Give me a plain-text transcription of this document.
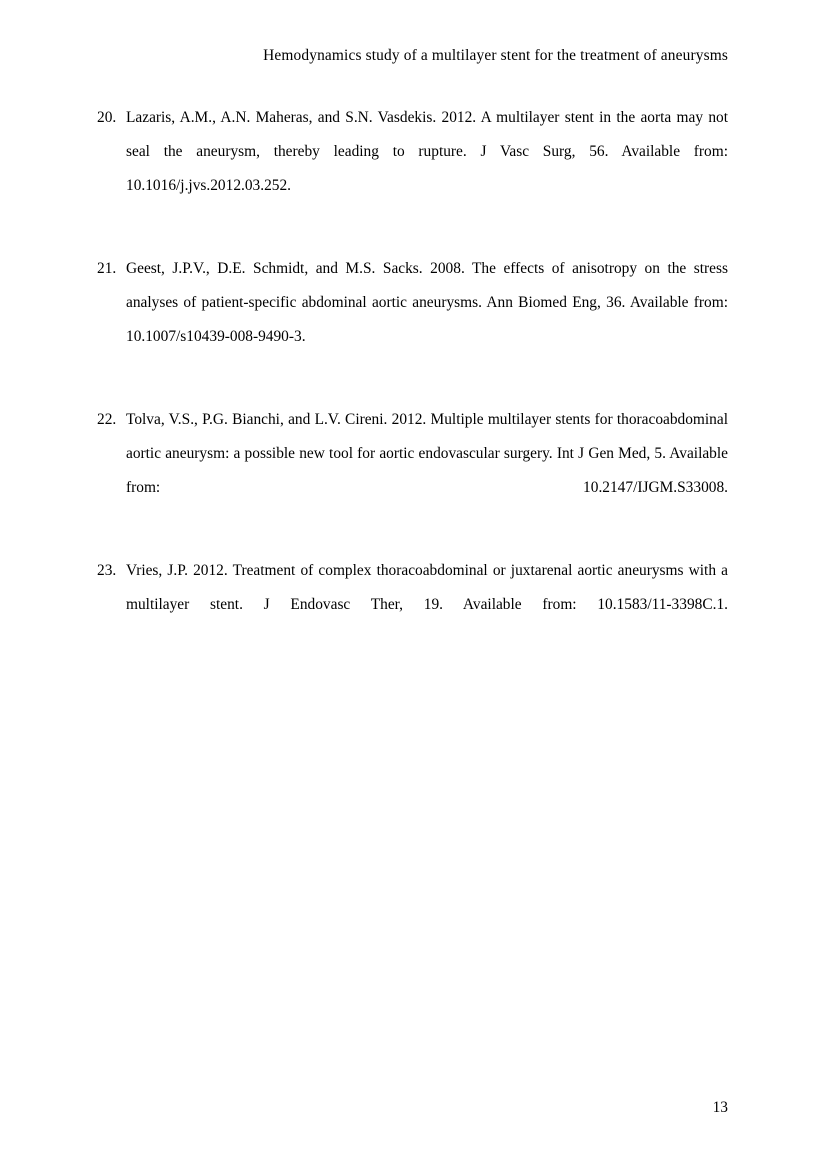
Hemodynamics study of a multilayer stent for the treatment of aneurysms
20. Lazaris, A.M., A.N. Maheras, and S.N. Vasdekis. 2012. A multilayer stent in the aorta may not seal the aneurysm, thereby leading to rupture. J Vasc Surg, 56. Available from: 10.1016/j.jvs.2012.03.252.
21. Geest, J.P.V., D.E. Schmidt, and M.S. Sacks. 2008. The effects of anisotropy on the stress analyses of patient-specific abdominal aortic aneurysms. Ann Biomed Eng, 36. Available from: 10.1007/s10439-008-9490-3.
22. Tolva, V.S., P.G. Bianchi, and L.V. Cireni. 2012. Multiple multilayer stents for thoracoabdominal aortic aneurysm: a possible new tool for aortic endovascular surgery. Int J Gen Med, 5. Available from: 10.2147/IJGM.S33008.
23. Vries, J.P. 2012. Treatment of complex thoracoabdominal or juxtarenal aortic aneurysms with a multilayer stent. J Endovasc Ther, 19. Available from: 10.1583/11-3398C.1.
13
